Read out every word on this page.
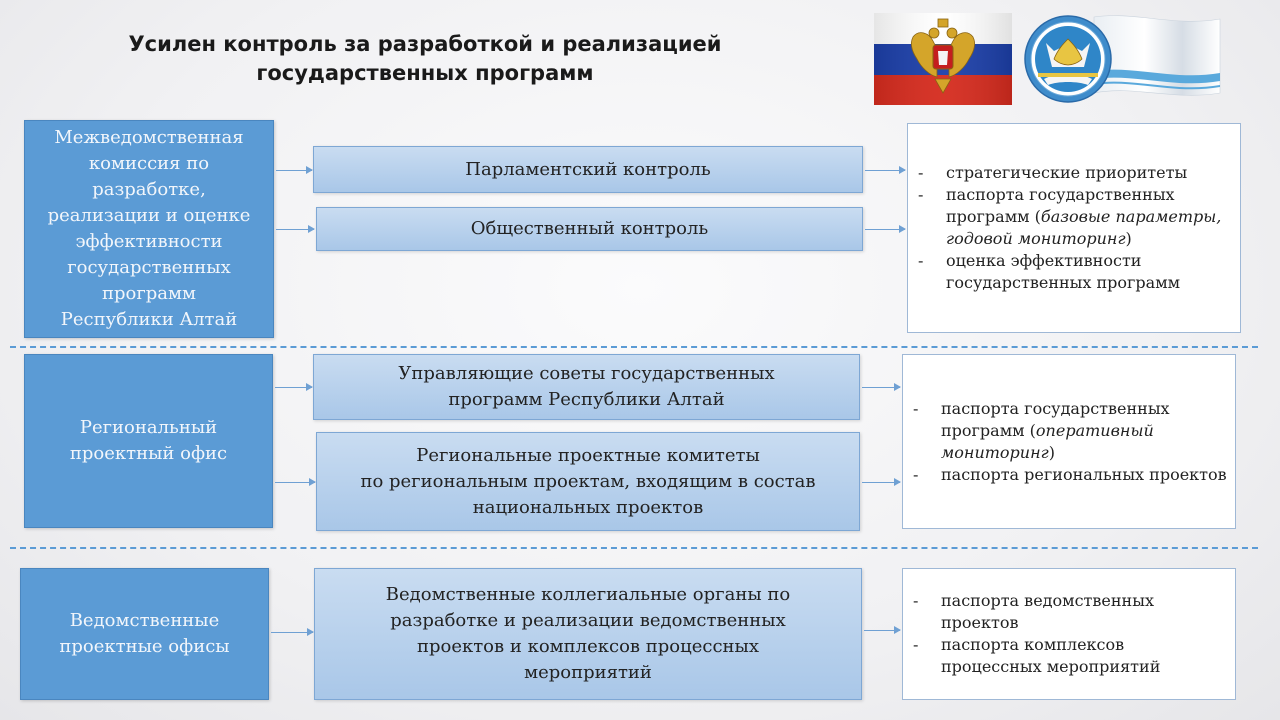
Усилен контроль за разработкой и реализацией
государственных программ
Межведомственная
комиссия по
разработке,
реализации и оценке
эффективности
государственных
программ
Республики Алтай
Парламентский контроль
Общественный контроль
-	стратегические приоритеты
-	паспорта государственных программ (базовые параметры, годовой мониторинг)
-	оценка эффективности государственных программ
Региональный
проектный офис
Управляющие советы государственных
программ Республики Алтай
Региональные проектные комитеты
по региональным проектам, входящим в состав
национальных проектов
-	паспорта государственных программ (оперативный мониторинг)
-	паспорта региональных проектов
Ведомственные
проектные офисы
Ведомственные коллегиальные органы по
разработке и реализации ведомственных
проектов и комплексов процессных
мероприятий
-	паспорта ведомственных проектов
-	паспорта комплексов процессных мероприятий
